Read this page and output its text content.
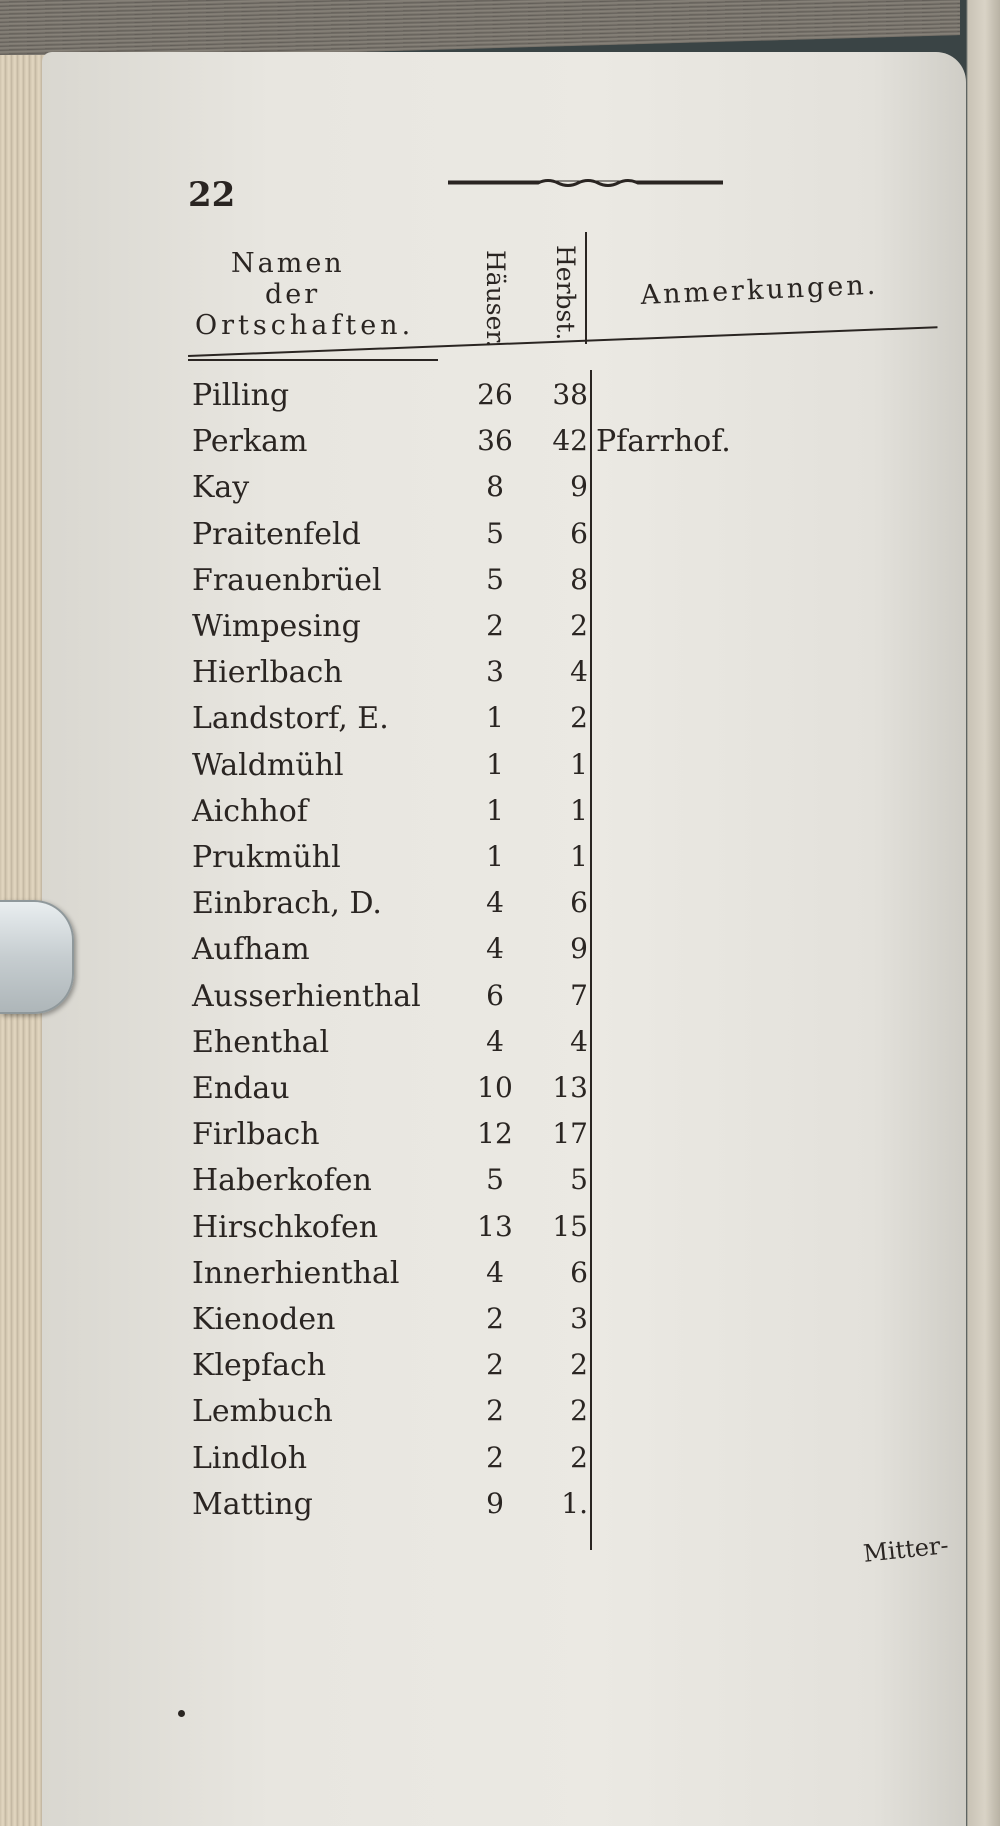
22
Namen
der
Ortschaften.	Häuser. Herbst. Anmerkungen.
Pilling	26	38
Perkam	36	42 Pfarrhof.
Kay	8	9
Praitenfeld	5	6
Frauenbrüel	5	8
Wimpesing	2	2
Hierlbach	3	4
Landstorf, E.	1	2
Waldmühl	1	1
Aichhof	1	1
Prukmühl	1	1
Einbrach, D.	4	6
Aufham	4	9
Ausserhienthal	6	7
Ehenthal	4	4
Endau	10	13
Firlbach	12	17
Haberkofen	5	5
Hirschkofen	13	15
Innerhienthal	4	6
Kienoden	2	3
Klepfach	2	2
Lembuch	2	2
Lindloh	2	2
Matting	9	1.
Mitter-
